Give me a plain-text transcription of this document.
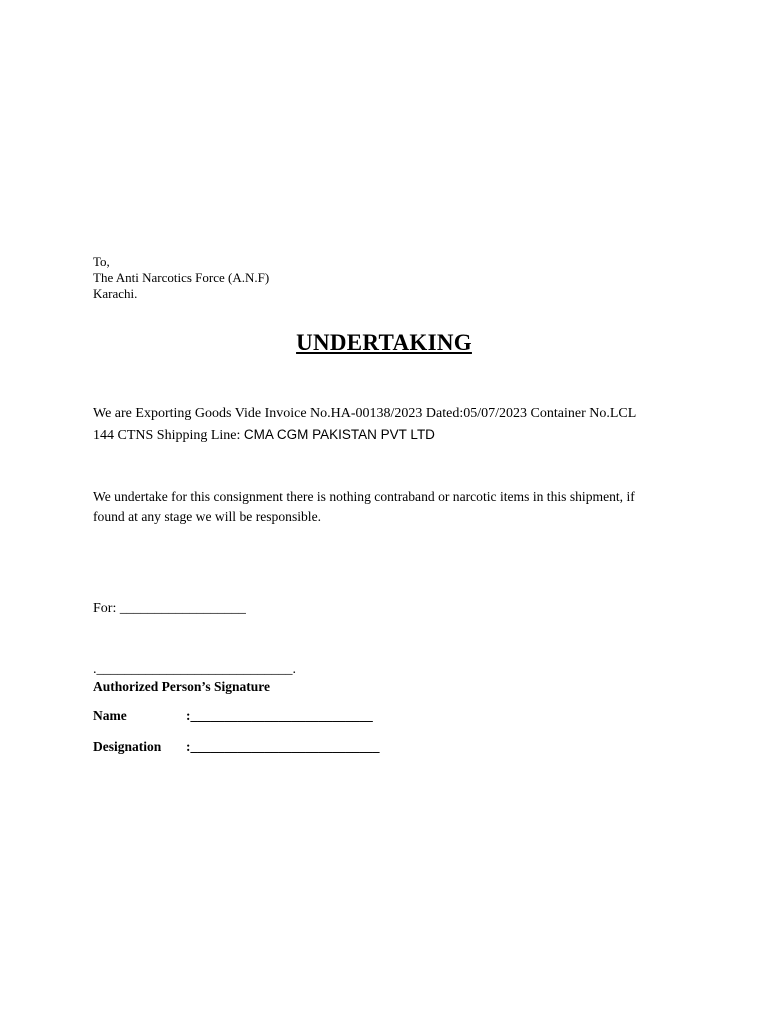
To,
The Anti Narcotics Force (A.N.F)
Karachi.
UNDERTAKING
We are Exporting Goods Vide Invoice No.HA-00138/2023 Dated:05/07/2023 Container No.LCL 144 CTNS Shipping Line: CMA CGM PAKISTAN PVT LTD
We undertake for this consignment there is nothing contraband or narcotic items in this shipment, if found at any stage we will be responsible.
For: __________________
.____________________________.
Authorized Person’s Signature
Name	:___________________________
Designation :____________________________
